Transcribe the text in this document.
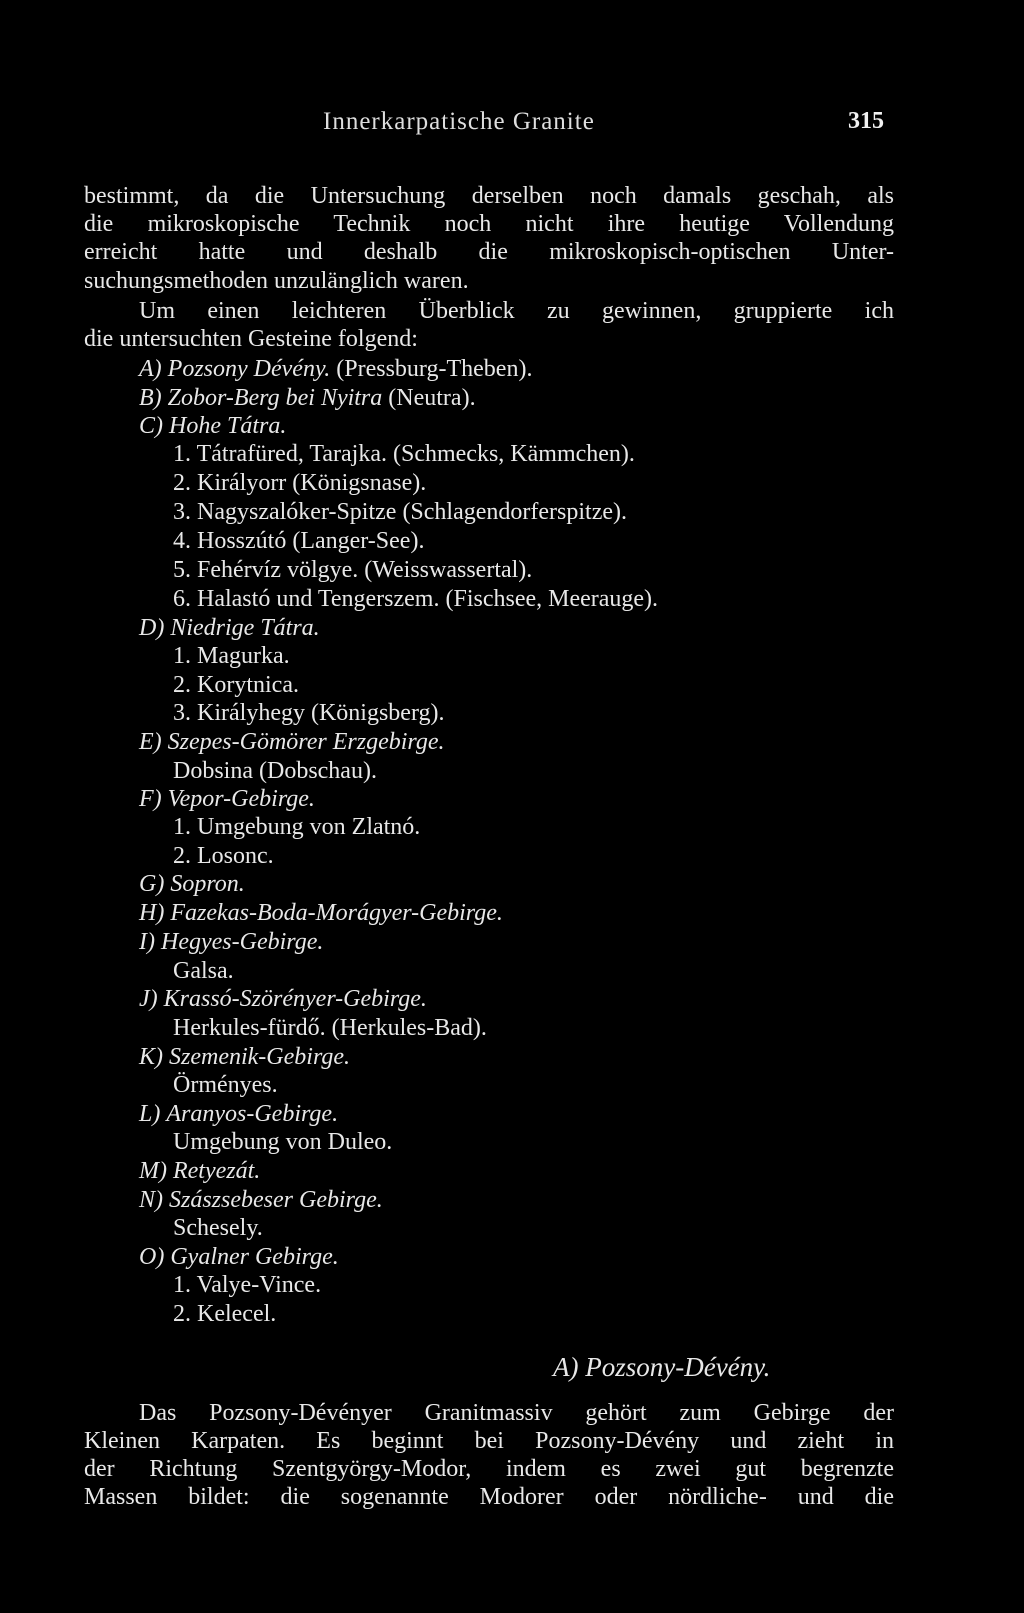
Innerkarpatische Granite	315
bestimmt, da die Untersuchung derselben noch damals geschah, als
die mikroskopische Technik noch nicht ihre heutige Vollendung
erreicht hatte und deshalb die mikroskopisch-optischen Unter-
suchungsmethoden unzulänglich waren.
Um einen leichteren Überblick zu gewinnen, gruppierte ich
die untersuchten Gesteine folgend:
A) Pozsony Dévény. (Pressburg-Theben).
B) Zobor-Berg bei Nyitra (Neutra).
C) Hohe Tátra.
1. Tátrafüred, Tarajka. (Schmecks, Kämmchen).
2. Királyorr (Königsnase).
3. Nagyszalóker-Spitze (Schlagendorferspitze).
4. Hosszútó (Langer-See).
5. Fehérvíz völgye. (Weisswassertal).
6. Halastó und Tengerszem. (Fischsee, Meerauge).
D) Niedrige Tátra.
1. Magurka.
2. Korytnica.
3. Királyhegy (Königsberg).
E) Szepes-Gömörer Erzgebirge.
Dobsina (Dobschau).
F) Vepor-Gebirge.
1. Umgebung von Zlatnó.
2. Losonc.
G) Sopron.
H) Fazekas-Boda-Morágyer-Gebirge.
I) Hegyes-Gebirge.
Galsa.
J) Krassó-Szörényer-Gebirge.
Herkules-fürdő. (Herkules-Bad).
K) Szemenik-Gebirge.
Örményes.
L) Aranyos-Gebirge.
Umgebung von Duleo.
M) Retyezát.
N) Szászsebeser Gebirge.
Schesely.
O) Gyalner Gebirge.
1. Valye-Vince.
2. Kelecel.
A) Pozsony-Dévény.
Das Pozsony-Dévényer Granitmassiv gehört zum Gebirge der
Kleinen Karpaten. Es beginnt bei Pozsony-Dévény und zieht in
der Richtung Szentgyörgy-Modor, indem es zwei gut begrenzte
Massen bildet: die sogenannte Modorer oder nördliche- und die
